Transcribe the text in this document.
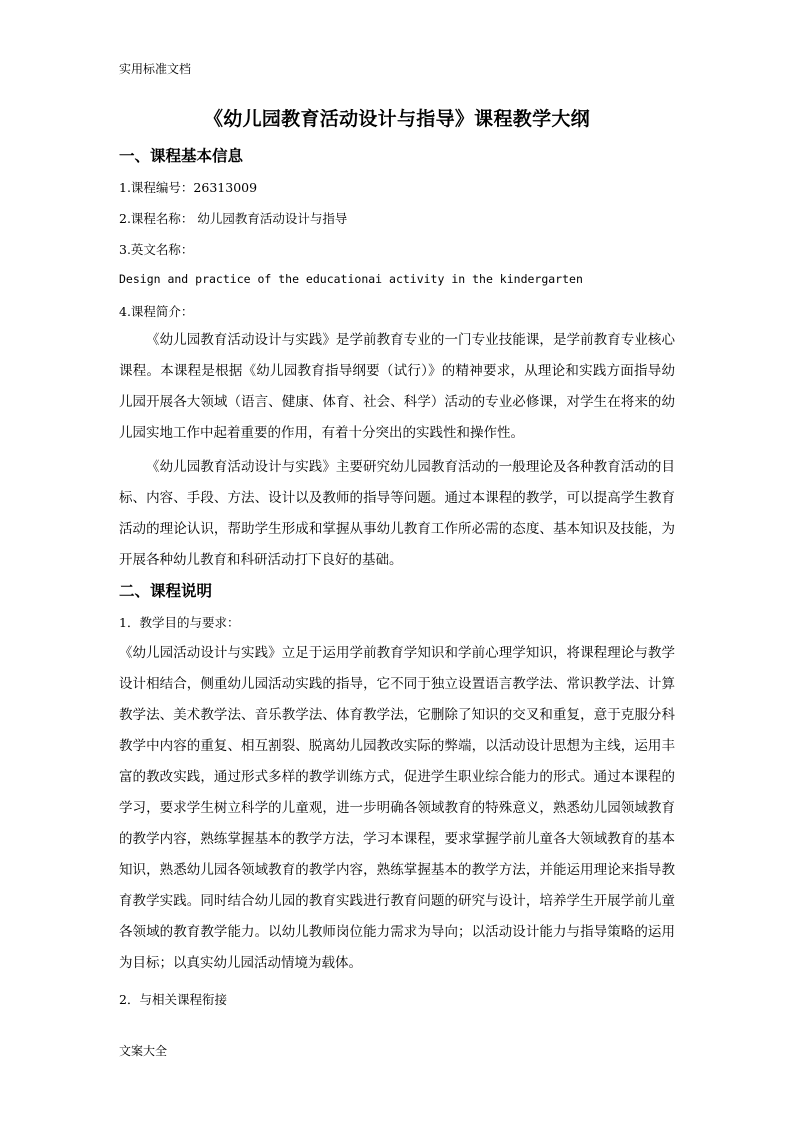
实用标准文档
《幼儿园教育活动设计与指导》课程教学大纲
一、课程基本信息
1.课程编号：26313009
2.课程名称： 幼儿园教育活动设计与指导
3.英文名称：
Design and practice of the educationai activity in the kindergarten
4.课程简介：
《幼儿园教育活动设计与实践》是学前教育专业的一门专业技能课，是学前教育专业核心课程。本课程是根据《幼儿园教育指导纲要（试行）》的精神要求，从理论和实践方面指导幼儿园开展各大领域（语言、健康、体育、社会、科学）活动的专业必修课，对学生在将来的幼儿园实地工作中起着重要的作用，有着十分突出的实践性和操作性。
《幼儿园教育活动设计与实践》主要研究幼儿园教育活动的一般理论及各种教育活动的目标、内容、手段、方法、设计以及教师的指导等问题。通过本课程的教学，可以提高学生教育活动的理论认识，帮助学生形成和掌握从事幼儿教育工作所必需的态度、基本知识及技能，为开展各种幼儿教育和科研活动打下良好的基础。
二、课程说明
1．教学目的与要求：
《幼儿园活动设计与实践》立足于运用学前教育学知识和学前心理学知识，将课程理论与教学设计相结合，侧重幼儿园活动实践的指导，它不同于独立设置语言教学法、常识教学法、计算教学法、美术教学法、音乐教学法、体育教学法，它删除了知识的交叉和重复，意于克服分科教学中内容的重复、相互割裂、脱离幼儿园教改实际的弊端，以活动设计思想为主线，运用丰富的教改实践，通过形式多样的教学训练方式，促进学生职业综合能力的形式。通过本课程的学习，要求学生树立科学的儿童观，进一步明确各领域教育的特殊意义，熟悉幼儿园领域教育的教学内容，熟练掌握基本的教学方法，学习本课程，要求掌握学前儿童各大领域教育的基本知识，熟悉幼儿园各领域教育的教学内容，熟练掌握基本的教学方法，并能运用理论来指导教育教学实践。同时结合幼儿园的教育实践进行教育问题的研究与设计，培养学生开展学前儿童各领域的教育教学能力。以幼儿教师岗位能力需求为导向；以活动设计能力与指导策略的运用为目标；以真实幼儿园活动情境为载体。
2．与相关课程衔接
文案大全
